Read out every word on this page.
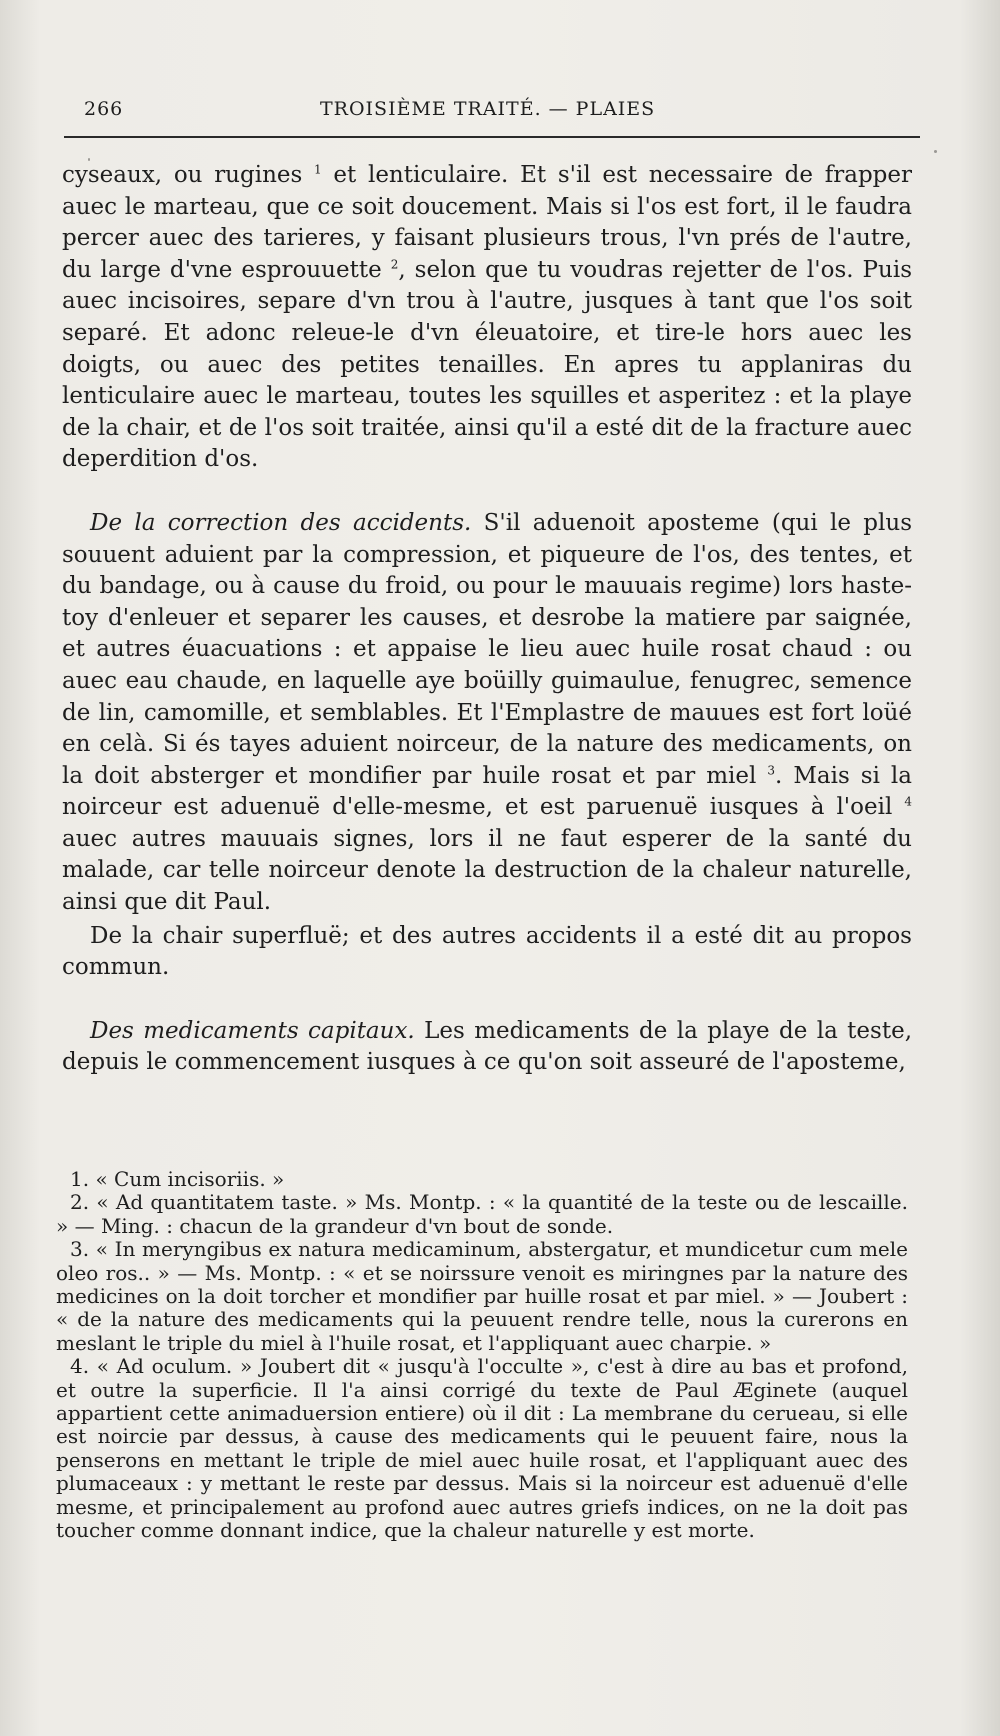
266	TROISIÈME TRAITÉ. — PLAIES

cyseaux, ou rugines $^1$ et lenticulaire. Et s'il est necessaire de frapper auec le marteau, que ce soit doucement. Mais si l'os est fort, il le faudra percer auec des tarieres, y faisant plusieurs trous, l'vn prés de l'autre, du large d'vne esprouuette $^2$, selon que tu voudras rejetter de l'os. Puis auec incisoires, separe d'vn trou à l'autre, jusques à tant que l'os soit separé. Et adonc releue-le d'vn éleuatoire, et tire-le hors auec les doigts, ou auec des petites tenailles. En apres tu applaniras du lenticulaire auec le marteau, toutes les squilles et asperitez : et la playe de la chair, et de l'os soit traitée, ainsi qu'il a esté dit de la fracture auec deperdition d'os.

De la correction des accidents. S'il aduenoit aposteme (qui le plus souuent aduient par la compression, et piqueure de l'os, des tentes, et du bandage, ou à cause du froid, ou pour le mauuais regime) lors haste-toy d'enleuer et separer les causes, et desrobe la matiere par saignée, et autres éuacuations : et appaise le lieu auec huile rosat chaud : ou auec eau chaude, en laquelle aye boüilly guimaulue, fenugrec, semence de lin, camomille, et semblables. Et l'Emplastre de mauues est fort loüé en celà. Si és tayes aduient noirceur, de la nature des medicaments, on la doit absterger et mondifier par huile rosat et par miel $^3$. Mais si la noirceur est aduenuë d'elle-mesme, et est paruenuë iusques à l'oeil $^4$ auec autres mauuais signes, lors il ne faut esperer de la santé du malade, car telle noirceur denote la destruction de la chaleur naturelle, ainsi que dit Paul.

De la chair superfluë; et des autres accidents il a esté dit au propos commun.

Des medicaments capitaux. Les medicaments de la playe de la teste, depuis le commencement iusques à ce qu'on soit asseuré de l'aposteme,

1. « Cum incisoriis. »

2. « Ad quantitatem taste. » Ms. Montp. : « la quantité de la teste ou de lescaille. » — Ming. : chacun de la grandeur d'vn bout de sonde.

3. « In meryngibus ex natura medicaminum, abstergatur, et mundicetur cum mele oleo ros.. » — Ms. Montp. : « et se noirssure venoit es miringnes par la nature des medicines on la doit torcher et mondifier par huille rosat et par miel. » — Joubert : « de la nature des medicaments qui la peuuent rendre telle, nous la curerons en meslant le triple du miel à l'huile rosat, et l'appliquant auec charpie. »

4. « Ad oculum. » Joubert dit « jusqu'à l'occulte », c'est à dire au bas et profond, et outre la superficie. Il l'a ainsi corrigé du texte de Paul Æginete (auquel appartient cette animaduersion entiere) où il dit : La membrane du cerueau, si elle est noircie par dessus, à cause des medicaments qui le peuuent faire, nous la penserons en mettant le triple de miel auec huile rosat, et l'appliquant auec des plumaceaux : y mettant le reste par dessus. Mais si la noirceur est aduenuë d'elle mesme, et principalement au profond auec autres griefs indices, on ne la doit pas toucher comme donnant indice, que la chaleur naturelle y est morte.
